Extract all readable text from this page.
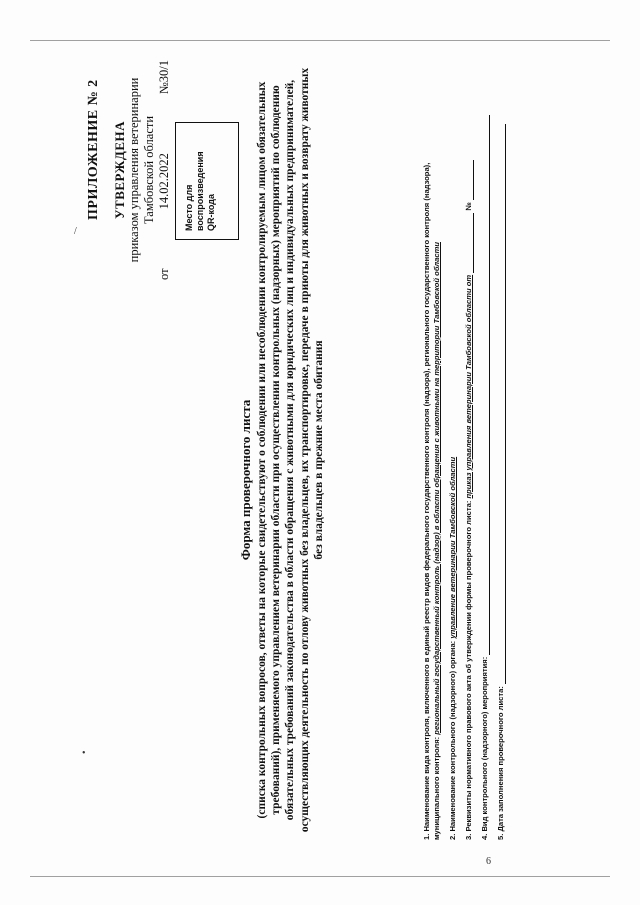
/
•
6
ПРИЛОЖЕНИЕ № 2 УТВЕРЖДЕНА приказом управления ветеринарии Тамбовской области
от
14.02.2022
№30/1
Место для воспроизведения QR-кода
Форма проверочного листа (списка контрольных вопросов, ответы на которые свидетельствуют о соблюдении или несоблюдении контролируемым лицом обязательных требований), применяемого управлением ветеринарии области при осуществлении контрольных (надзорных) мероприятий по соблюдению обязательных требований законодательства в области обращения с животными для юридических лиц и индивидуальных предпринимателей, осуществляющих деятельность по отлову животных без владельцев, их транспортировке, передаче в приюты для животных и возврату животных без владельцев в прежние места обитания	1. Наименование вида контроля, включенного в единый реестр видов федерального государственного контроля (надзора), регионального государственного контроля (надзора), муниципального контроля: региональный государственный контроль (надзор) в области обращения с животными на территории Тамбовской области
2. Наименование контрольного (надзорного) органа: управление ветеринарии Тамбовской области 3. Реквизиты нормативного правового акта об утверждении формы проверочного листа: приказ управления ветеринарии Тамбовской области от  №
4. Вид контрольного (надзорного) мероприятия: 5. Дата заполнения проверочного листа:
